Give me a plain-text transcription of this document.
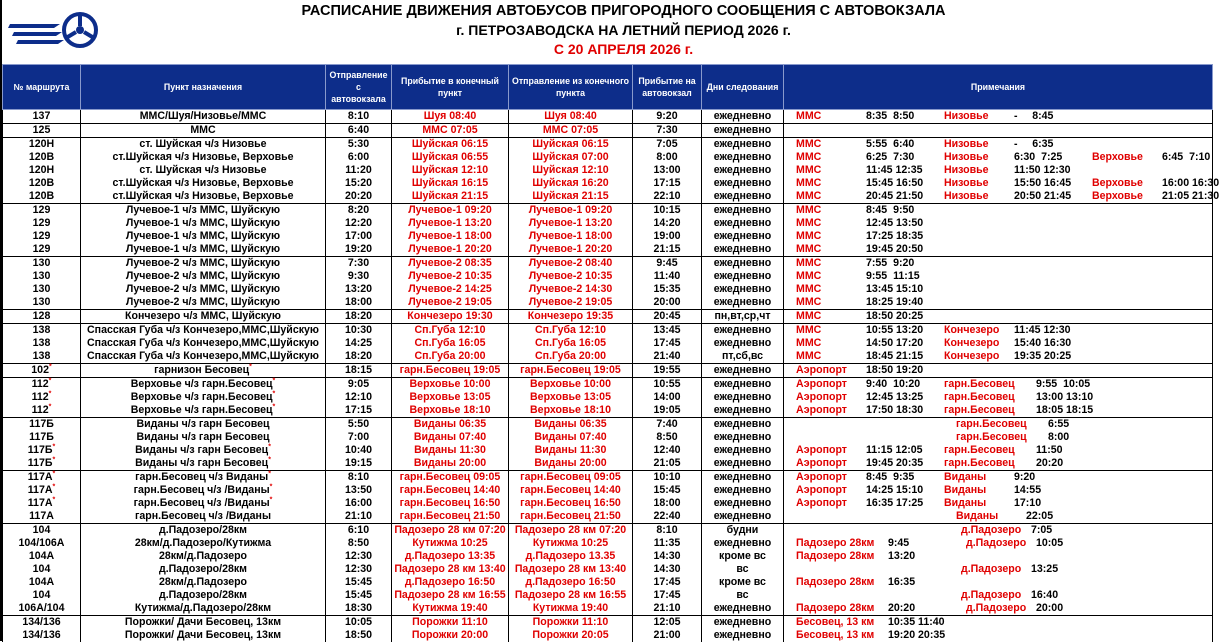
РАСПИСАНИЕ ДВИЖЕНИЯ АВТОБУСОВ ПРИГОРОДНОГО СООБЩЕНИЯ С АВТОВОКЗАЛА
г. ПЕТРОЗАВОДСКА НА ЛЕТНИЙ ПЕРИОД 2026 г.
С 20 АПРЕЛЯ 2026 г.
№ маршрута	Пункт назначения	Отправление с автовокзала	Прибытие в конечный пункт	Отправление из конечного пункта	Прибытие на автовокзал	Дни следования	Примечания
137	ММС/Шуя/Низовье/ММС	8:10	Шуя 08:40	Шуя 08:40	9:20	ежедневно	ММС 8:35  8:50 Низовье -     8:45
125	ММС	6:40	ММС 07:05	ММС 07:05	7:30	ежедневно	
120Н	ст. Шуйская ч/з Низовье	5:30	Шуйская 06:15	Шуйская 06:15	7:05	ежедневно	ММС 5:55  6:40 Низовье -     6:35
120В	ст.Шуйская ч/з Низовье, Верховье	6:00	Шуйская 06:55	Шуйская 07:00	8:00	ежедневно	ММС 6:25  7:30 Низовье 6:30  7:25 Верховье 6:45  7:10
120Н	ст. Шуйская ч/з Низовье	11:20	Шуйская 12:10	Шуйская 12:10	13:00	ежедневно	ММС 11:45 12:35 Низовье 11:50 12:30
120В	ст.Шуйская ч/з Низовье, Верховье	15:20	Шуйская 16:15	Шуйская 16:20	17:15	ежедневно	ММС 15:45 16:50 Низовье 15:50 16:45 Верховье 16:00 16:30
120В	ст.Шуйская ч/з Низовье, Верховье	20:20	Шуйская 21:15	Шуйская 21:15	22:10	ежедневно	ММС 20:45 21:50 Низовье 20:50 21:45 Верховье 21:05 21:30
129	Лучевое-1 ч/з ММС, Шуйскую	8:20	Лучевое-1 09:20	Лучевое-1 09:20	10:15	ежедневно	ММС 8:45  9:50
129	Лучевое-1 ч/з ММС, Шуйскую	12:20	Лучевое-1 13:20	Лучевое-1 13:20	14:20	ежедневно	ММС 12:45 13:50
129	Лучевое-1 ч/з ММС, Шуйскую	17:00	Лучевое-1 18:00	Лучевое-1 18:00	19:00	ежедневно	ММС 17:25 18:35
129	Лучевое-1 ч/з ММС, Шуйскую	19:20	Лучевое-1 20:20	Лучевое-1 20:20	21:15	ежедневно	ММС 19:45 20:50
130	Лучевое-2 ч/з ММС, Шуйскую	7:30	Лучевое-2 08:35	Лучевое-2 08:40	9:45	ежедневно	ММС 7:55  9:20
130	Лучевое-2 ч/з ММС, Шуйскую	9:30	Лучевое-2 10:35	Лучевое-2 10:35	11:40	ежедневно	ММС 9:55  11:15
130	Лучевое-2 ч/з ММС, Шуйскую	13:20	Лучевое-2 14:25	Лучевое-2 14:30	15:35	ежедневно	ММС 13:45 15:10
130	Лучевое-2 ч/з ММС, Шуйскую	18:00	Лучевое-2 19:05	Лучевое-2 19:05	20:00	ежедневно	ММС 18:25 19:40
128	Кончезеро ч/з ММС, Шуйскую	18:20	Кончезеро 19:30	Кончезеро 19:35	20:45	пн,вт,ср,чт	ММС 18:50 20:25
138	Спасская Губа ч/з Кончезеро,ММС,Шуйскую	10:30	Сп.Губа 12:10	Сп.Губа 12:10	13:45	ежедневно	ММС 10:55 13:20 Кончезеро 11:45 12:30
138	Спасская Губа ч/з Кончезеро,ММС,Шуйскую	14:25	Сп.Губа 16:05	Сп.Губа 16:05	17:45	ежедневно	ММС 14:50 17:20 Кончезеро 15:40 16:30
138	Спасская Губа ч/з Кончезеро,ММС,Шуйскую	18:20	Сп.Губа 20:00	Сп.Губа 20:00	21:40	пт,сб,вс	ММС 18:45 21:15 Кончезеро 19:35 20:25
102*	гарнизон Бесовец*	18:15	гарн.Бесовец 19:05	гарн.Бесовец 19:05	19:55	ежедневно	Аэропорт 18:50 19:20
112*	Верховье ч/з гарн.Бесовец*	9:05	Верховье 10:00	Верховье 10:00	10:55	ежедневно	Аэропорт 9:40  10:20 гарн.Бесовец 9:55  10:05
112*	Верховье ч/з гарн.Бесовец*	12:10	Верховье 13:05	Верховье 13:05	14:00	ежедневно	Аэропорт 12:45 13:25 гарн.Бесовец 13:00 13:10
112*	Верховье ч/з гарн.Бесовец*	17:15	Верховье 18:10	Верховье 18:10	19:05	ежедневно	Аэропорт 17:50 18:30 гарн.Бесовец 18:05 18:15
117Б	Виданы ч/з гарн Бесовец	5:50	Виданы 06:35	Виданы 06:35	7:40	ежедневно	гарн.Бесовец 6:55
117Б	Виданы ч/з гарн Бесовец	7:00	Виданы 07:40	Виданы 07:40	8:50	ежедневно	гарн.Бесовец 8:00
117Б*	Виданы ч/з гарн Бесовец*	10:40	Виданы 11:30	Виданы 11:30	12:40	ежедневно	Аэропорт 11:15 12:05 гарн.Бесовец 11:50
117Б*	Виданы ч/з гарн Бесовец*	19:15	Виданы 20:00	Виданы 20:00	21:05	ежедневно	Аэропорт 19:45 20:35 гарн.Бесовец 20:20
117А*	гарн.Бесовец ч/з Виданы*	8:10	гарн.Бесовец 09:05	гарн.Бесовец 09:05	10:10	ежедневно	Аэропорт 8:45  9:35 Виданы 9:20
117А*	гарн.Бесовец ч/з /Виданы*	13:50	гарн.Бесовец 14:40	гарн.Бесовец 14:40	15:45	ежедневно	Аэропорт 14:25 15:10 Виданы 14:55
117А*	гарн.Бесовец ч/з /Виданы*	16:00	гарн.Бесовец 16:50	гарн.Бесовец 16:50	18:00	ежедневно	Аэропорт 16:35 17:25 Виданы 17:10
117А	гарн.Бесовец ч/з /Виданы	21:10	гарн.Бесовец 21:50	гарн.Бесовец 21:50	22:40	ежедневно	Виданы 22:05
104	д.Падозеро/28км	6:10	Падозеро 28 км 07:20	Падозеро 28 км 07:20	8:10	будни	д.Падозеро 7:05
104/106А	28км/д.Падозеро/Кутижма	8:50	Кутижма 10:25	Кутижма 10:25	11:35	ежедневно	Падозеро 28км 9:45 д.Падозеро 10:05
104А	28км/д.Падозеро	12:30	д.Падозеро 13:35	д.Падозеро 13.35	14:30	кроме вс	Падозеро 28км 13:20
104	д.Падозеро/28км	12:30	Падозеро 28 км 13:40	Падозеро 28 км 13:40	14:30	вс	д.Падозеро 13:25
104А	28км/д.Падозеро	15:45	д.Падозеро 16:50	д.Падозеро 16:50	17:45	кроме вс	Падозеро 28км 16:35
104	д.Падозеро/28км	15:45	Падозеро 28 км 16:55	Падозеро 28 км 16:55	17:45	вс	д.Падозеро 16:40
106А/104	Кутижма/д.Падозеро/28км	18:30	Кутижма 19:40	Кутижма 19:40	21:10	ежедневно	Падозеро 28км 20:20 д.Падозеро 20:00
134/136	Порожки/ Дачи Бесовец, 13км	10:05	Порожки 11:10	Порожки 11:10	12:05	ежедневно	Бесовец, 13 км 10:35 11:40
134/136	Порожки/ Дачи Бесовец, 13км	18:50	Порожки 20:00	Порожки 20:05	21:00	ежедневно	Бесовец, 13 км 19:20 20:35
